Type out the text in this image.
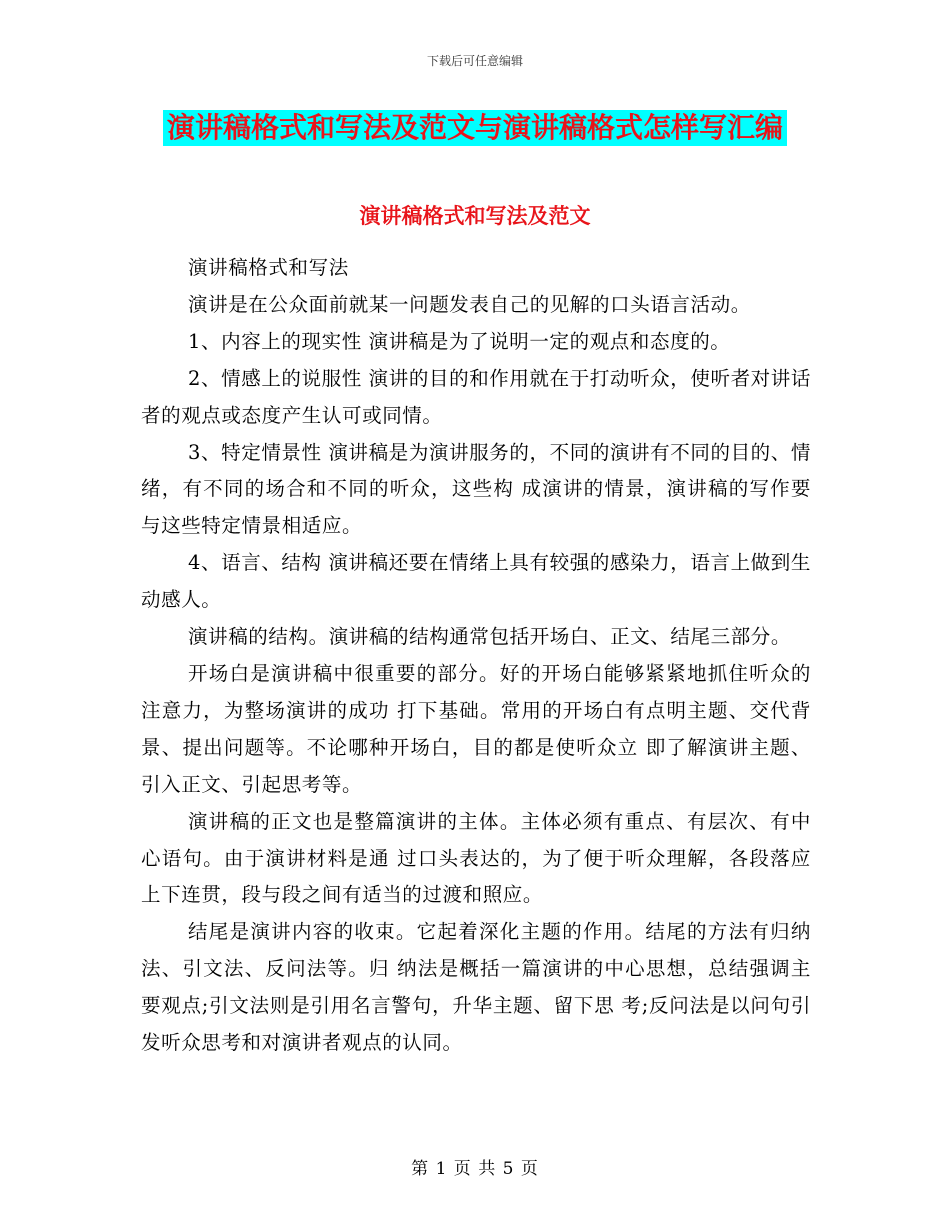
下载后可任意编辑
演讲稿格式和写法及范文与演讲稿格式怎样写汇编
演讲稿格式和写法及范文

演讲稿格式和写法

演讲是在公众面前就某一问题发表自己的见解的口头语言活动。

1、内容上的现实性 演讲稿是为了说明一定的观点和态度的。

2、情感上的说服性 演讲的目的和作用就在于打动听众，使听者对讲话者的观点或态度产生认可或同情。

3、特定情景性 演讲稿是为演讲服务的，不同的演讲有不同的目的、情绪，有不同的场合和不同的听众，这些构 成演讲的情景，演讲稿的写作要与这些特定情景相适应。

4、语言、结构 演讲稿还要在情绪上具有较强的感染力，语言上做到生动感人。

演讲稿的结构。演讲稿的结构通常包括开场白、正文、结尾三部分。

开场白是演讲稿中很重要的部分。好的开场白能够紧紧地抓住听众的注意力，为整场演讲的成功 打下基础。常用的开场白有点明主题、交代背景、提出问题等。不论哪种开场白，目的都是使听众立 即了解演讲主题、引入正文、引起思考等。

演讲稿的正文也是整篇演讲的主体。主体必须有重点、有层次、有中心语句。由于演讲材料是通 过口头表达的，为了便于听众理解，各段落应上下连贯，段与段之间有适当的过渡和照应。

结尾是演讲内容的收束。它起着深化主题的作用。结尾的方法有归纳法、引文法、反问法等。归 纳法是概括一篇演讲的中心思想，总结强调主要观点;引文法则是引用名言警句，升华主题、留下思 考;反问法是以问句引发听众思考和对演讲者观点的认同。

第 1 页 共 5 页
